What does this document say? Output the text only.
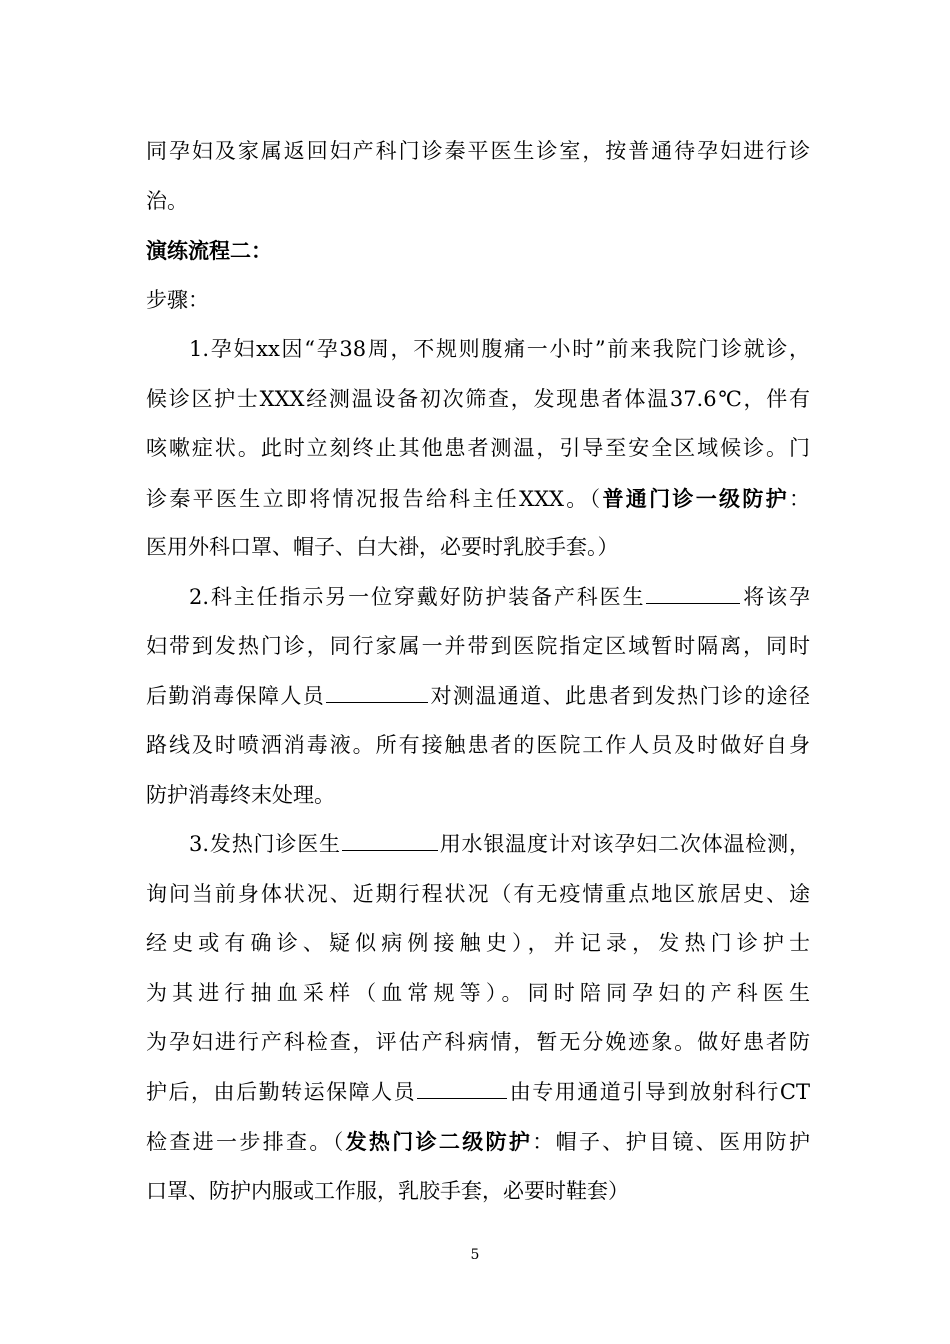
同孕妇及家属返回妇产科门诊秦平医生诊室，按普通待孕妇进行诊
治。
演练流程二：
步骤：
1.孕妇xx因“孕38周，不规则腹痛一小时”前来我院门诊就诊，
候诊区护士XXX经测温设备初次筛查，发现患者体温37.6℃，伴有
咳嗽症状。此时立刻终止其他患者测温，引导至安全区域候诊。门
诊秦平医生立即将情况报告给科主任XXX。（普通门诊一级防护：
医用外科口罩、帽子、白大褂，必要时乳胶手套。）
2.科主任指示另一位穿戴好防护装备产科医生	将该孕
妇带到发热门诊，同行家属一并带到医院指定区域暂时隔离，同时
后勤消毒保障人员	对测温通道、此患者到发热门诊的途径
路线及时喷洒消毒液。所有接触患者的医院工作人员及时做好自身
防护消毒终末处理。
3.发热门诊医生	用水银温度计对该孕妇二次体温检测，
询问当前身体状况、近期行程状况（有无疫情重点地区旅居史、途
经史或有确诊、疑似病例接触史），并记录，发热门诊护士
为其进行抽血采样（血常规等）。同时陪同孕妇的产科医生
为孕妇进行产科检查，评估产科病情，暂无分娩迹象。做好患者防
护后，由后勤转运保障人员	由专用通道引导到放射科行CT
检查进一步排查。（发热门诊二级防护：帽子、护目镜、医用防护
口罩、防护内服或工作服，乳胶手套，必要时鞋套）
5
